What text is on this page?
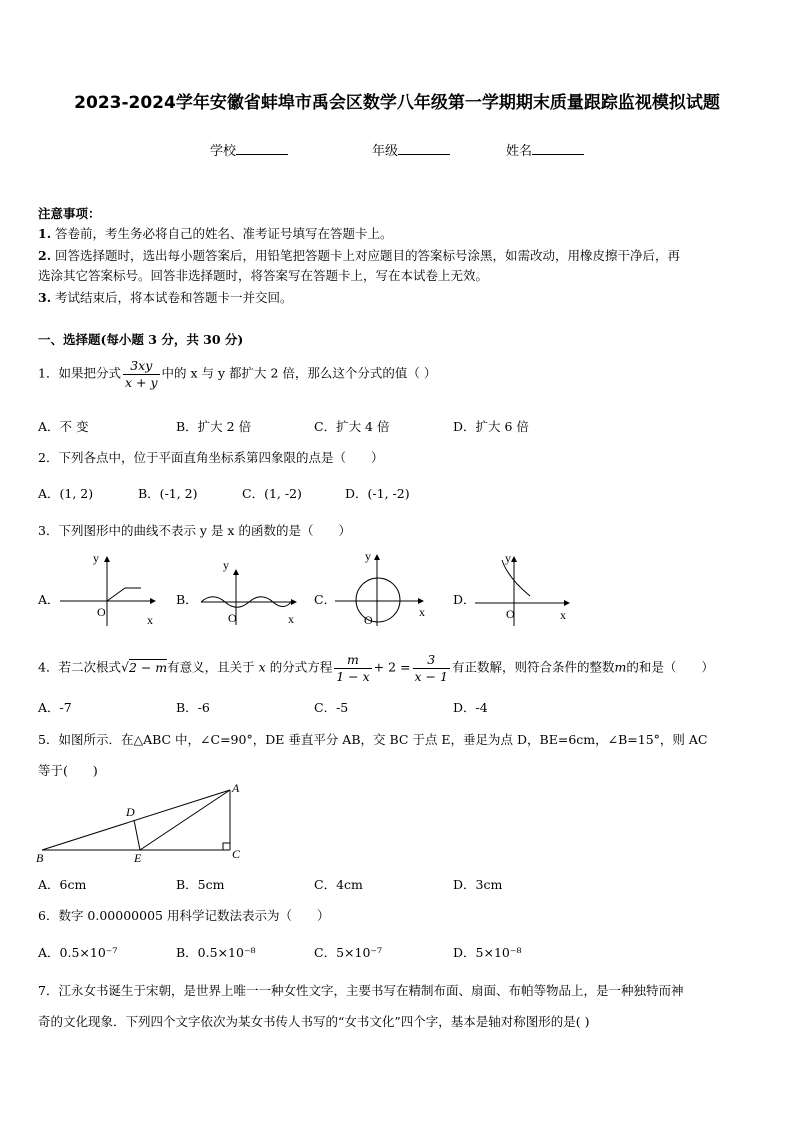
2023-2024学年安徽省蚌埠市禹会区数学八年级第一学期期末质量跟踪监视模拟试题
学校	年级	姓名
注意事项：
1. 答卷前，考生务必将自己的姓名、准考证号填写在答题卡上。
2. 回答选择题时，选出每小题答案后，用铅笔把答题卡上对应题目的答案标号涂黑，如需改动，用橡皮擦干净后，再
选涂其它答案标号。回答非选择题时，将答案写在答题卡上，写在本试卷上无效。
3. 考试结束后，将本试卷和答题卡一并交回。
一、选择题(每小题 3 分，共 30 分)
1．如果把分式 $\frac{3xy}{x + y}$ 中的 x 与 y 都扩大 2 倍，那么这个分式的值（ ）
A．不 变	B．扩大 2 倍	C．扩大 4 倍	D．扩大 6 倍
2．下列各点中，位于平面直角坐标系第四象限的点是（　　）
A．(1, 2)	B．(-1, 2)	C．(1, -2)	D．(-1, -2)
3．下列图形中的曲线不表示 y 是 x 的函数的是（　　）
A．	B．	C．	D．
y
O
x
y
O	x
y
O
x
y
O	x
4．若二次根式√2 − m有意义，且关于 x 的分式方程 $\frac{m}{1 - x} + 2 = \frac{3}{x - 1}$ 有正数解，则符合条件的整数m的和是（　　）
A．-7	B．-6	C．-5	D．-4
5．如图所示．在△ABC 中，∠C=90°，DE 垂直平分 AB，交 BC 于点 E，垂足为点 D，BE=6cm，∠B=15°，则 AC
等于(　　)
A
B	C
D
E
A．6cm	B．5cm	C．4cm	D．3cm
6．数字 0.00000005 用科学记数法表示为（　　）
A．0.5×10⁻⁷	B．0.5×10⁻⁸	C．5×10⁻⁷	D．5×10⁻⁸
7．江永女书诞生于宋朝，是世界上唯一一种女性文字，主要书写在精制布面、扇面、布帕等物品上，是一种独特而神
奇的文化现象．下列四个文字依次为某女书传人书写的“女书文化”四个字，基本是轴对称图形的是( )
